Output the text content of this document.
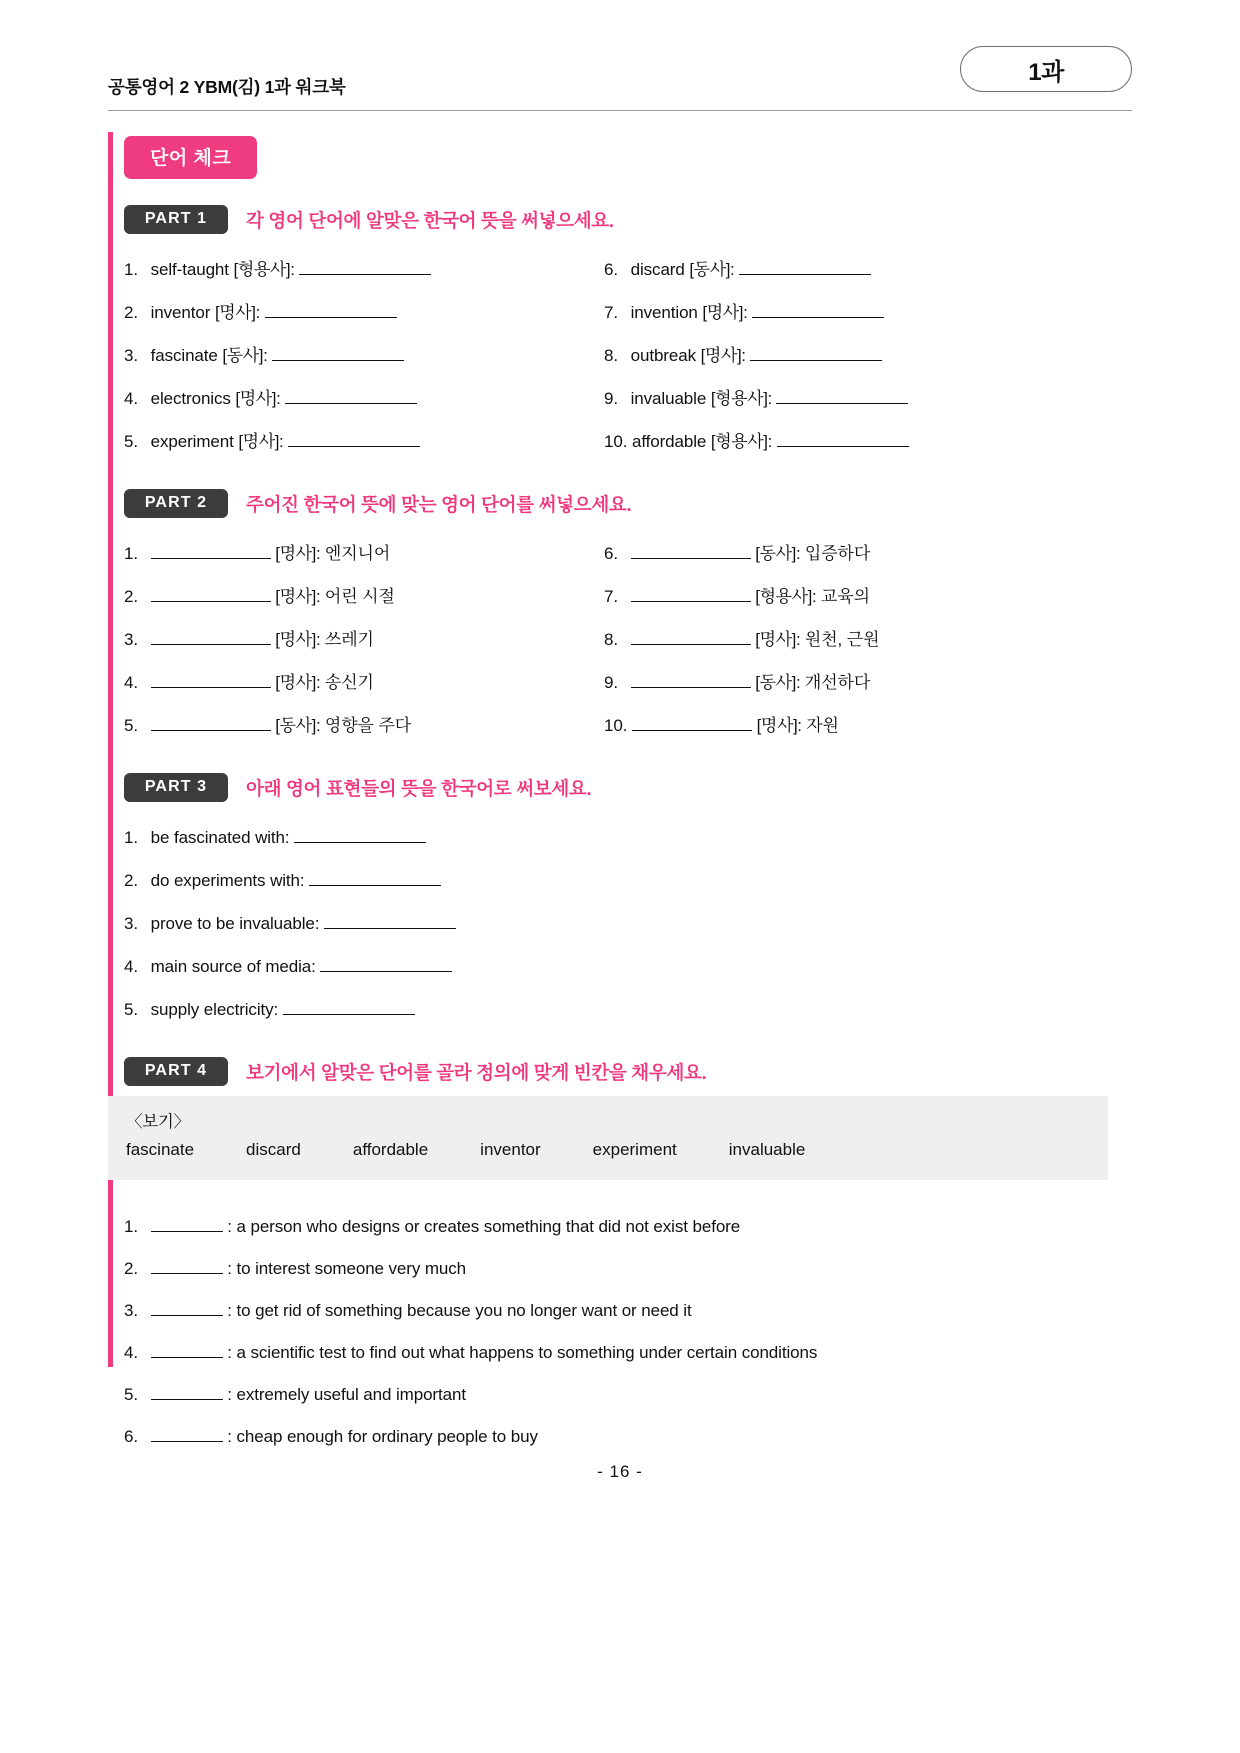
공통영어 2 YBM(김) 1과 워크북
1과
단어 체크
PART 1	각 영어 단어에 알맞은 한국어 뜻을 써넣으세요.
1. self-taught [형용사]:	6. discard [동사]:
2. inventor [명사]:	7. invention [명사]:
3. fascinate [동사]:	8. outbreak [명사]:
4. electronics [명사]:	9. invaluable [형용사]:
5. experiment [명사]:	10. affordable [형용사]:
PART 2	주어진 한국어 뜻에 맞는 영어 단어를 써넣으세요.
1.	[명사]: 엔지니어	6.	[동사]: 입증하다
2.	[명사]: 어린 시절	7.	[형용사]: 교육의
3.	[명사]: 쓰레기	8.	[명사]: 원천, 근원
4.	[명사]: 송신기	9.	[동사]: 개선하다
5.	[동사]: 영향을 주다	10.	[명사]: 자원
PART 3	아래 영어 표현들의 뜻을 한국어로 써보세요.
1. be fascinated with:
2. do experiments with:
3. prove to be invaluable:
4. main source of media:
5. supply electricity:
PART 4	보기에서 알맞은 단어를 골라 정의에 맞게 빈칸을 채우세요.
〈보기〉
fascinate	discard	affordable	inventor	experiment	invaluable
1.	: a person who designs or creates something that did not exist before
2.	: to interest someone very much
3.	: to get rid of something because you no longer want or need it
4.	: a scientific test to find out what happens to something under certain conditions
5.	: extremely useful and important
6.	: cheap enough for ordinary people to buy
- 16 -
